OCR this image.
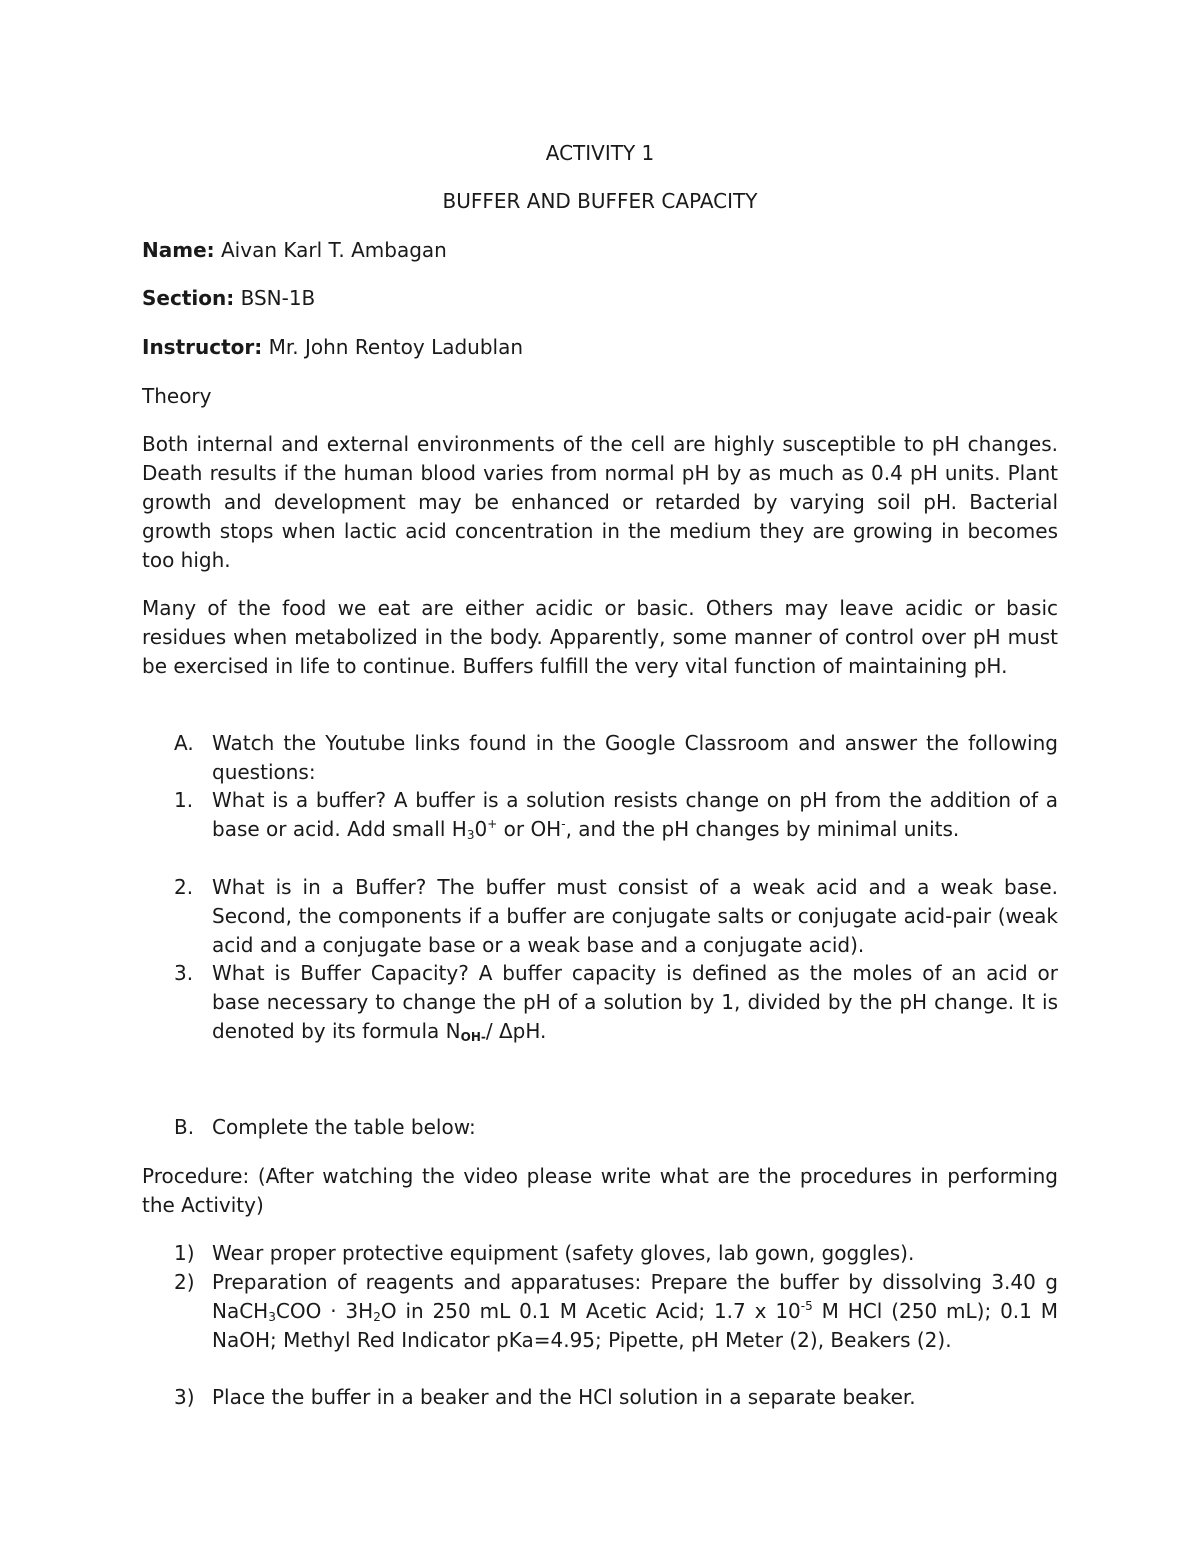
ACTIVITY 1
BUFFER AND BUFFER CAPACITY
Name: Aivan Karl T. Ambagan
Section: BSN-1B
Instructor: Mr. John Rentoy Ladublan
Theory
Both internal and external environments of the cell are highly susceptible to pH changes. Death results if the human blood varies from normal pH by as much as 0.4 pH units. Plant growth and development may be enhanced or retarded by varying soil pH. Bacterial growth stops when lactic acid concentration in the medium they are growing in becomes too high.
Many of the food we eat are either acidic or basic. Others may leave acidic or basic residues when metabolized in the body. Apparently, some manner of control over pH must be exercised in life to continue. Buffers fulfill the very vital function of maintaining pH.
A. Watch the Youtube links found in the Google Classroom and answer the following questions:
1. What is a buffer? A buffer is a solution resists change on pH from the addition of a base or acid. Add small $H_30^+$ or OH-, and the pH changes by minimal units.
2. What is in a Buffer? The buffer must consist of a weak acid and a weak base. Second, the components if a buffer are conjugate salts or conjugate acid-pair (weak acid and a conjugate base or a weak base and a conjugate acid).
3. What is Buffer Capacity? A buffer capacity is defined as the moles of an acid or base necessary to change the pH of a solution by 1, divided by the pH change. It is denoted by its formula NOH-/ ΔpH.
B. Complete the table below:
Procedure: (After watching the video please write what are the procedures in performing the Activity)
1) Wear proper protective equipment (safety gloves, lab gown, goggles).
2) Preparation of reagents and apparatuses: Prepare the buffer by dissolving 3.40 g NaCH$_3$COO · $3H_2O$ in 250 mL 0.1 M Acetic Acid; 1.7 x $10^{-5}$ M HCl (250 mL); 0.1 M NaOH; Methyl Red Indicator pKa=4.95; Pipette, pH Meter (2), Beakers (2).
3) Place the buffer in a beaker and the HCl solution in a separate beaker.
